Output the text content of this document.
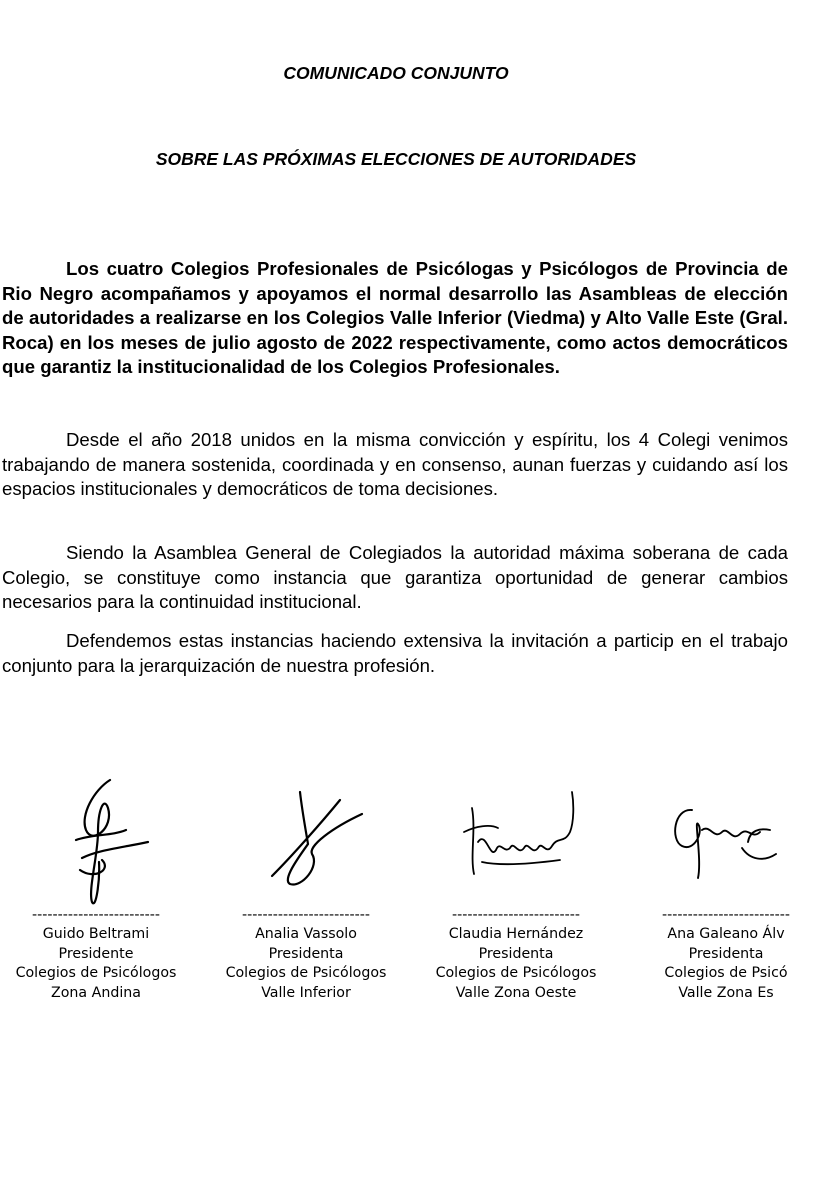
COMUNICADO CONJUNTO
SOBRE LAS PRÓXIMAS ELECCIONES DE AUTORIDADES

Los cuatro Colegios Profesionales de Psicólogas y Psicólogos de Provincia de Rio Negro acompañamos y apoyamos el normal desarrollo las Asambleas de elección de autoridades a realizarse en los Colegios Valle Inferior (Viedma) y Alto Valle Este (Gral. Roca) en los meses de julio agosto de 2022 respectivamente, como actos democráticos que garantiz la institucionalidad de los Colegios Profesionales.

Desde el año 2018 unidos en la misma convicción y espíritu, los 4 Colegi venimos trabajando de manera sostenida, coordinada y en consenso, aunan fuerzas y cuidando así los espacios institucionales y democráticos de toma decisiones.

Siendo la Asamblea General de Colegiados la autoridad máxima soberana de cada Colegio, se constituye como instancia que garantiza oportunidad de generar cambios necesarios para la continuidad institucional.

Defendemos estas instancias haciendo extensiva la invitación a particip en el trabajo conjunto para la jerarquización de nuestra profesión.

-------------------------
Guido Beltrami
Presidente
Colegios de Psicólogos
Zona Andina
-------------------------
Analia Vassolo
Presidenta
Colegios de Psicólogos
Valle Inferior
-------------------------
Claudia Hernández
Presidenta
Colegios de Psicólogos
Valle Zona Oeste
-------------------------
Ana Galeano Álv
Presidenta
Colegios de Psicó
Valle Zona Es
